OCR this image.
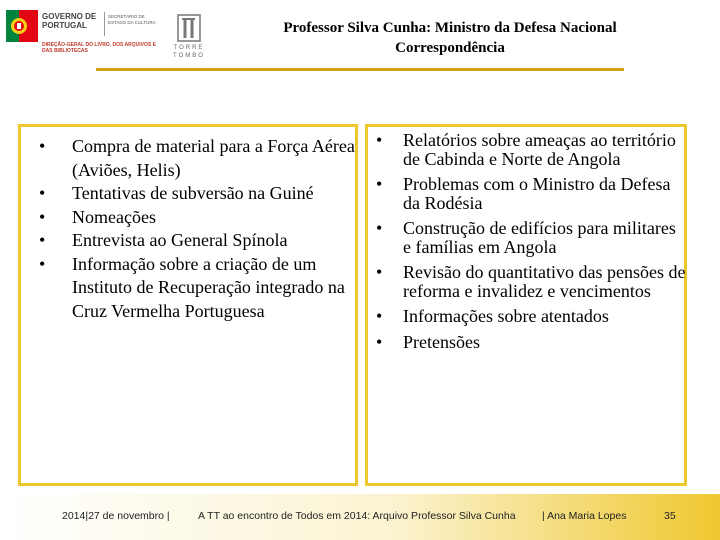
GOVERNO DE PORTUGAL
SECRETÁRIO DE ESTADO DA CULTURA
DIREÇÃO-GERAL DO LIVRO, DOS ARQUIVOS E DAS BIBLIOTECAS	TORRE
TOMBO
Professor Silva Cunha: Ministro da Defesa Nacional
Correspondência
• Compra de material para a Força Aérea (Aviões, Helis)
• Tentativas de subversão na Guiné
• Nomeações
• Entrevista ao General Spínola
• Informação sobre a criação de um Instituto de Recuperação integrado na Cruz Vermelha Portuguesa
• Relatórios sobre ameaças ao território de Cabinda e Norte de Angola
• Problemas com o Ministro da Defesa da Rodésia
• Construção de edifícios para militares e famílias em Angola
• Revisão do quantitativo das pensões de reforma e invalidez e vencimentos
• Informações sobre atentados
• Pretensões
2014|27 de novembro |	A TT ao encontro de Todos em 2014: Arquivo Professor Silva Cunha	| Ana Maria Lopes	35
